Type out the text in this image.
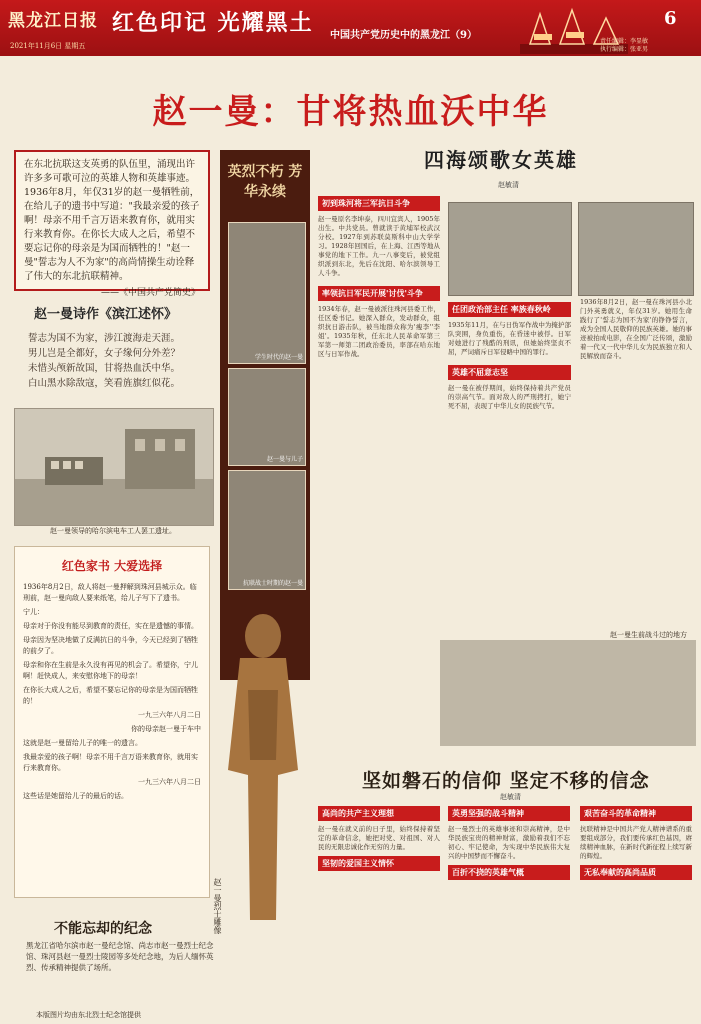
黑龙江日报
2021年11月6日 星期五
红色印记 光耀黑土 中国共产党历史中的黑龙江（9）
6
责任编辑：李显敏
执行编辑：张亚男
赵一曼：甘将热血沃中华
在东北抗联这支英勇的队伍里，涌现出许许多多可歌可泣的英雄人物和英雄事迹。1936年8月，年仅31岁的赵一曼牺牲前，在给儿子的遗书中写道："我最亲爱的孩子啊！母亲不用千言万语来教育你，就用实行来教育你。在你长大成人之后，希望不要忘记你的母亲是为国而牺牲的！"赵一曼"誓志为人不为家"的高尚情操生动诠释了伟大的东北抗联精神。
——《中国共产党简史》
赵一曼诗作《滨江述怀》
誓志为国不为家，涉江渡海走天涯。
男儿岂是全都好，女子缘何分外差？
未惜头颅新故国，甘将热血沃中华。
白山黑水除敌寇，笑看旌旗红似花。
赵一曼领导的哈尔滨电车工人罢工遗址。
红色家书 大爱选择

1936年8月2日，敌人将赵一曼押解到珠河县城示众。临刑前，赵一曼向敌人要来纸笔，给儿子写下了遗书。

宁儿：

母亲对于你没有能尽到教育的责任，实在是遗憾的事情。

母亲因为坚决地做了反满抗日的斗争，今天已经到了牺牲的前夕了。

母亲和你在生前是永久没有再见的机会了。希望你，宁儿啊！赶快成人，来安慰你地下的母亲！

在你长大成人之后，希望不要忘记你的母亲是为国而牺牲的！

一九三六年八月二日

你的母亲赵一曼于车中

这就是赵一曼留给儿子的唯一的遗言。

我最亲爱的孩子啊！母亲不用千言万语来教育你，就用实行来教育你。

一九三六年八月二日

这些话是她留给儿子的最后的话。

不能忘却的纪念
黑龙江省哈尔滨市赵一曼纪念馆、尚志市赵一曼烈士纪念馆、珠河县赵一曼烈士陵园等多处纪念地，为后人缅怀英烈、传承精神提供了场所。
本版图片均由东北烈士纪念馆提供
英烈不朽 芳华永续
学生时代的赵一曼
赵一曼与儿子
抗联战士时期的赵一曼
赵一曼烈士雕像
四海颂歌女英雄
赵敏清
初到珠河将三军抗日斗争
赵一曼原名李坤泰，四川宜宾人，1905年出生。中共党员。曾就读于黄埔军校武汉分校。1927年到苏联莫斯科中山大学学习。1928年回国后，在上海、江西等地从事党的地下工作。九一八事变后，被党组织派到东北，先后在沈阳、哈尔滨领导工人斗争。
率领抗日军民开展'讨伐'斗争
1934年春，赵一曼被派往珠河县委工作，任区委书记。她深入群众，发动群众，组织抗日游击队，被当地群众称为'瘦李''李姐'。1935年秋，任东北人民革命军第三军第一师第二团政治委员，率部在哈东地区与日军作战。
任团政治部主任 率族春秋岭
1935年11月，在与日伪军作战中为掩护部队突围，身负重伤，在昏迷中被俘。日军对她进行了残酷的刑讯，但她始终坚贞不屈，严词痛斥日军侵略中国的罪行。
英雄不屈意志坚
赵一曼在被俘期间，始终保持着共产党员的崇高气节。面对敌人的严刑拷打，她宁死不屈，表现了中华儿女的民族气节。
1936年8月2日，赵一曼在珠河县小北门外英勇就义，年仅31岁。她用生命践行了'誓志为国不为家'的铮铮誓言，成为全国人民敬仰的民族英雄。她的事迹被拍成电影，在全国广泛传颂，激励着一代又一代中华儿女为民族独立和人民解放而奋斗。
赵一曼生前战斗过的地方
坚如磐石的信仰 坚定不移的信念
赵敏清
高尚的共产主义理想
赵一曼在就义前的日子里，始终保持着坚定的革命信念，她把对党、对祖国、对人民的无限忠诚化作无穷的力量。
坚韧的爱国主义情怀
英勇坚强的战斗精神
赵一曼烈士的英雄事迹和崇高精神，是中华民族宝贵的精神财富，激励着我们不忘初心、牢记使命，为实现中华民族伟大复兴的中国梦而不懈奋斗。
百折不挠的英雄气概
艰苦奋斗的革命精神
抗联精神是中国共产党人精神谱系的重要组成部分，我们要传承红色基因，赓续精神血脉，在新时代新征程上续写新的辉煌。
无私奉献的高尚品质
